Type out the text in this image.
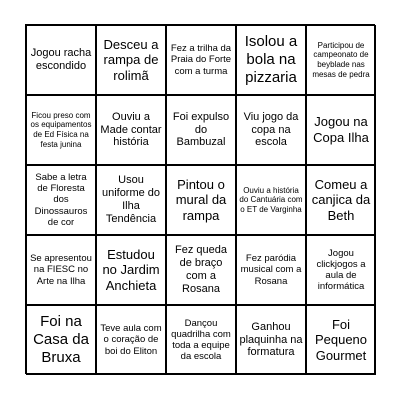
Jogou racha escondido
Desceu a rampa de rolimã
Fez a trilha da Praia do Forte com a turma
Isolou a bola na pizzaria
Participou de campeonato de beyblade nas mesas de pedra
Ficou preso com os equipamentos de Ed Física na festa junina
Ouviu a Made contar história
Foi expulso do Bambuzal
Viu jogo da copa na escola
Jogou na Copa Ilha
Sabe a letra de Floresta dos Dinossauros de cor
Usou uniforme do Ilha Tendência
Pintou o mural da rampa
Ouviu a história do Cantuária com o ET de Varginha
Comeu a canjica da Beth
Se apresentou na FIESC no Arte na Ilha
Estudou no Jardim Anchieta
Fez queda de braço com a Rosana
Fez paródia musical com a Rosana
Jogou clickjogos a aula de informática
Foi na Casa da Bruxa
Teve aula com o coração de boi do Eliton
Dançou quadrilha com toda a equipe da escola
Ganhou plaquinha na formatura
Foi Pequeno Gourmet
